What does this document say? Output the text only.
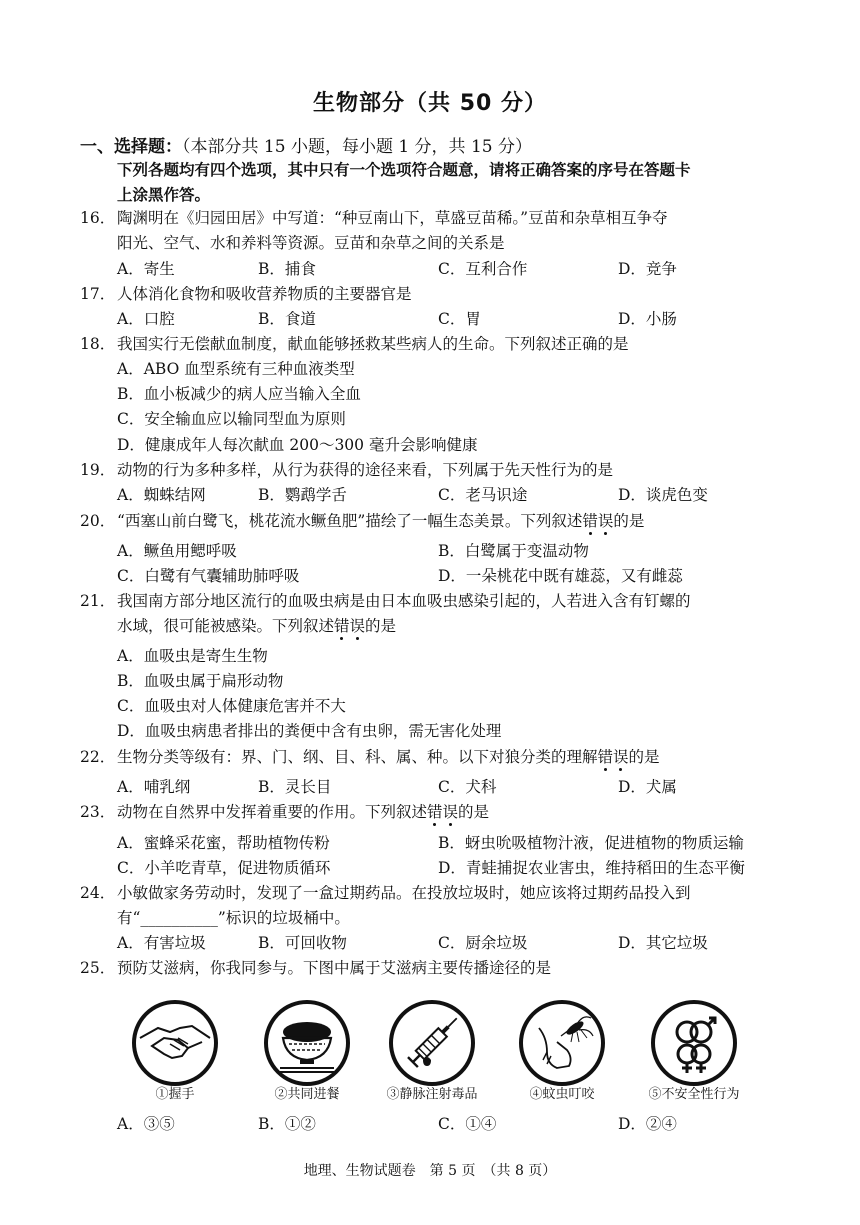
生物部分（共 50 分）
一、选择题：（本部分共 15 小题，每小题 1 分，共 15 分）
下列各题均有四个选项，其中只有一个选项符合题意，请将正确答案的序号在答题卡
上涂黑作答。
16． 陶渊明在《归园田居》中写道：“种豆南山下，草盛豆苗稀。”豆苗和杂草相互争夺
阳光、空气、水和养料等资源。豆苗和杂草之间的关系是
A．寄生	B．捕食	C．互利合作	D．竞争
17． 人体消化食物和吸收营养物质的主要器官是
A．口腔	B．食道	C．胃	D．小肠
18． 我国实行无偿献血制度，献血能够拯救某些病人的生命。下列叙述正确的是
A．ABO 血型系统有三种血液类型
B．血小板减少的病人应当输入全血
C．安全输血应以输同型血为原则
D．健康成年人每次献血 200～300 毫升会影响健康
19． 动物的行为多种多样，从行为获得的途径来看，下列属于先天性行为的是
A．蜘蛛结网	B．鹦鹉学舌	C．老马识途	D．谈虎色变
20． “西塞山前白鹭飞，桃花流水鳜鱼肥”描绘了一幅生态美景。下列叙述错误的是
A．鳜鱼用鳃呼吸	B．白鹭属于变温动物
C．白鹭有气囊辅助肺呼吸	D．一朵桃花中既有雄蕊，又有雌蕊
21． 我国南方部分地区流行的血吸虫病是由日本血吸虫感染引起的，人若进入含有钉螺的
水域，很可能被感染。下列叙述错误的是
A．血吸虫是寄生生物
B．血吸虫属于扁形动物
C．血吸虫对人体健康危害并不大
D．血吸虫病患者排出的粪便中含有虫卵，需无害化处理
22． 生物分类等级有：界、门、纲、目、科、属、种。以下对狼分类的理解错误的是
A．哺乳纲	B．灵长目	C．犬科	D．犬属
23． 动物在自然界中发挥着重要的作用。下列叙述错误的是
A．蜜蜂采花蜜，帮助植物传粉	B．蚜虫吮吸植物汁液，促进植物的物质运输
C．小羊吃青草，促进物质循环	D．青蛙捕捉农业害虫，维持稻田的生态平衡
24． 小敏做家务劳动时，发现了一盒过期药品。在投放垃圾时，她应该将过期药品投入到
有“__________”标识的垃圾桶中。
A．有害垃圾	B．可回收物	C．厨余垃圾	D．其它垃圾
25． 预防艾滋病，你我同参与。下图中属于艾滋病主要传播途径的是
①握手	②共同进餐	③静脉注射毒品	④蚊虫叮咬	⑤不安全性行为
A．③⑤	B．①②	C．①④	D．②④
地理、生物试题卷　第 5 页　（共 8 页）
